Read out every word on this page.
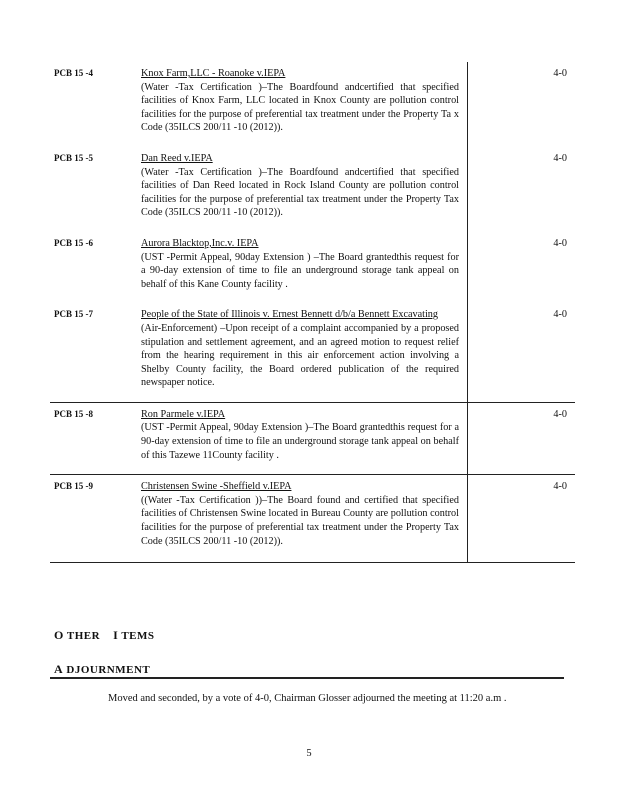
PCB 15 -4	Knox Farm,LLC - Roanoke v.IEPA
(Water -Tax Certification )–The Boardfound andcertified that specified facilities of Knox Farm, LLC located in Knox County are pollution control facilities for the purpose of preferential tax treatment under the Property Ta x Code (35ILCS 200/11 -10 (2012)).	4-0
PCB 15 -5	Dan Reed v.IEPA
(Water -Tax Certification )–The Boardfound andcertified that specified facilities of Dan Reed located in Rock Island County are pollution control facilities for the purpose of preferential tax treatment under the Property Tax Code (35ILCS 200/11 -10 (2012)).	4-0
PCB 15 -6	Aurora Blacktop,Inc.v. IEPA
(UST -Permit Appeal, 90day Extension ) –The Board grantedthis request for a 90-day extension of time to file an underground storage tank appeal on behalf of this Kane County facility .	4-0
PCB 15 -7	People of the State of Illinois v. Ernest Bennett d/b/a Bennett Excavating
(Air-Enforcement) –Upon receipt of a complaint accompanied by a proposed stipulation and settlement agreement, and an agreed motion to request relief from the hearing requirement in this air enforcement action involving a Shelby County facility, the Board ordered publication of the required newspaper notice.	4-0
PCB 15 -8	Ron Parmele v.IEPA
(UST -Permit Appeal, 90day Extension )–The Board grantedthis request for a 90-day extension of time to file an underground storage tank appeal on behalf of this Tazewe 11County facility .	4-0
PCB 15 -9	Christensen Swine -Sheffield v.IEPA
((Water -Tax Certification ))–The Board found and certified that specified facilities of Christensen Swine located in Bureau County are pollution control facilities for the purpose of preferential tax treatment under the Property Tax Code (35ILCS 200/11 -10 (2012)).	4-0
O THER I TEMS
A DJOURNMENT
Moved and seconded, by a vote of 4-0, Chairman Glosser adjourned the meeting at 11:20 a.m .
5
